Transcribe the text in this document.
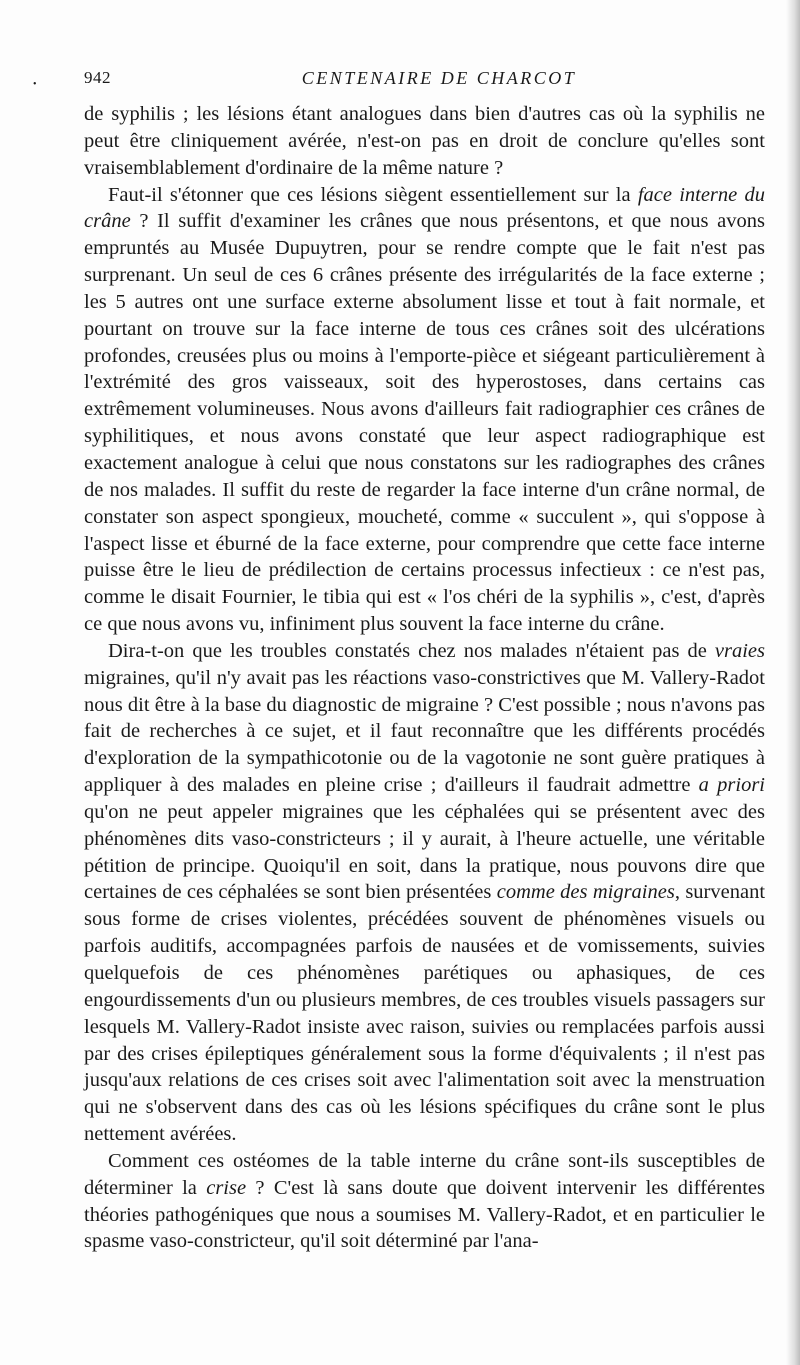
•	942	CENTENAIRE DE CHARCOT

de syphilis ; les lésions étant analogues dans bien d'autres cas où la syphilis ne peut être cliniquement avérée, n'est-on pas en droit de conclure qu'elles sont vraisemblablement d'ordinaire de la même nature ?

Faut-il s'étonner que ces lésions siègent essentiellement sur la face interne du crâne ? Il suffit d'examiner les crânes que nous présentons, et que nous avons empruntés au Musée Dupuytren, pour se rendre compte que le fait n'est pas surprenant. Un seul de ces 6 crânes présente des irrégularités de la face externe ; les 5 autres ont une surface externe absolument lisse et tout à fait normale, et pourtant on trouve sur la face interne de tous ces crânes soit des ulcérations profondes, creusées plus ou moins à l'emporte-pièce et siégeant particulièrement à l'extrémité des gros vaisseaux, soit des hyperostoses, dans certains cas extrêmement volumineuses. Nous avons d'ailleurs fait radiographier ces crânes de syphilitiques, et nous avons constaté que leur aspect radiographique est exactement analogue à celui que nous constatons sur les radiographes des crânes de nos malades. Il suffit du reste de regarder la face interne d'un crâne normal, de constater son aspect spongieux, moucheté, comme « succulent », qui s'oppose à l'aspect lisse et éburné de la face externe, pour comprendre que cette face interne puisse être le lieu de prédilection de certains processus infectieux : ce n'est pas, comme le disait Fournier, le tibia qui est « l'os chéri de la syphilis », c'est, d'après ce que nous avons vu, infiniment plus souvent la face interne du crâne.

Dira-t-on que les troubles constatés chez nos malades n'étaient pas de vraies migraines, qu'il n'y avait pas les réactions vaso-constrictives que M. Vallery-Radot nous dit être à la base du diagnostic de migraine ? C'est possible ; nous n'avons pas fait de recherches à ce sujet, et il faut reconnaître que les différents procédés d'exploration de la sympathicotonie ou de la vagotonie ne sont guère pratiques à appliquer à des malades en pleine crise ; d'ailleurs il faudrait admettre a priori qu'on ne peut appeler migraines que les céphalées qui se présentent avec des phénomènes dits vaso-constricteurs ; il y aurait, à l'heure actuelle, une véritable pétition de principe. Quoiqu'il en soit, dans la pratique, nous pouvons dire que certaines de ces céphalées se sont bien présentées comme des migraines, survenant sous forme de crises violentes, précédées souvent de phénomènes visuels ou parfois auditifs, accompagnées parfois de nausées et de vomissements, suivies quelquefois de ces phénomènes parétiques ou aphasiques, de ces engourdissements d'un ou plusieurs membres, de ces troubles visuels passagers sur lesquels M. Vallery-Radot insiste avec raison, suivies ou remplacées parfois aussi par des crises épileptiques généralement sous la forme d'équivalents ; il n'est pas jusqu'aux relations de ces crises soit avec l'alimentation soit avec la menstruation qui ne s'observent dans des cas où les lésions spécifiques du crâne sont le plus nettement avérées.

Comment ces ostéomes de la table interne du crâne sont-ils susceptibles de déterminer la crise ? C'est là sans doute que doivent intervenir les différentes théories pathogéniques que nous a soumises M. Vallery-Radot, et en particulier le spasme vaso-constricteur, qu'il soit déterminé par l'ana-
